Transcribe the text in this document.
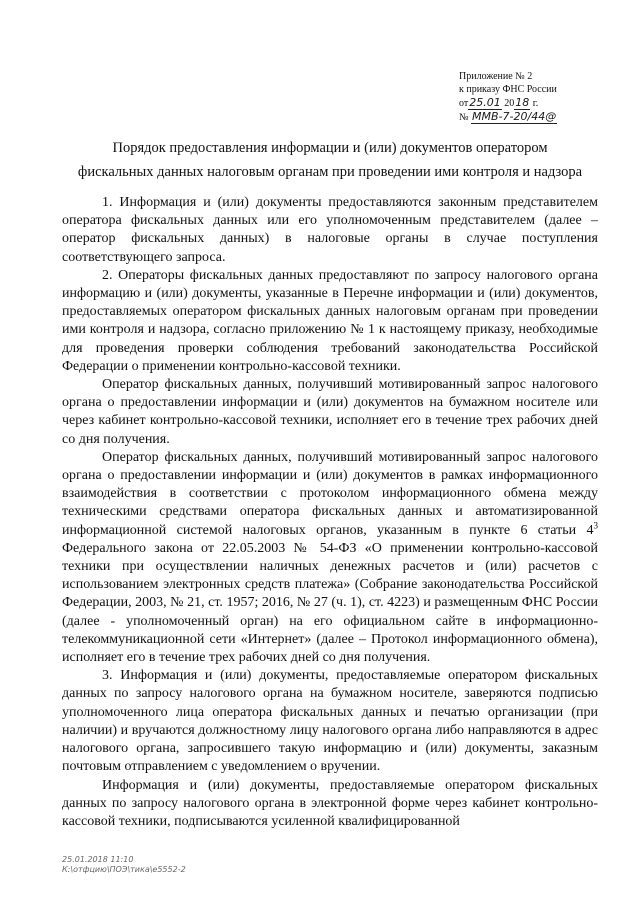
Приложение № 2
к приказу ФНС России
от25.01 2018 г.
№ ММВ-7-20/44@
Порядок предоставления информации и (или) документов оператором
фискальных данных налоговым органам при проведении ими контроля и надзора

1. Информация и (или) документы предоставляются законным представителем оператора фискальных данных или его уполномоченным представителем (далее – оператор фискальных данных) в налоговые органы в случае поступления соответствующего запроса.

2. Операторы фискальных данных предоставляют по запросу налогового органа информацию и (или) документы, указанные в Перечне информации и (или) документов, предоставляемых оператором фискальных данных налоговым органам при проведении ими контроля и надзора, согласно приложению № 1 к настоящему приказу, необходимые для проведения проверки соблюдения требований законодательства Российской Федерации о применении контрольно-кассовой техники.

Оператор фискальных данных, получивший мотивированный запрос налогового органа о предоставлении информации и (или) документов на бумажном носителе или через кабинет контрольно-кассовой техники, исполняет его в течение трех рабочих дней со дня получения.

Оператор фискальных данных, получивший мотивированный запрос налогового органа о предоставлении информации и (или) документов в рамках информационного взаимодействия в соответствии с протоколом информационного обмена между техническими средствами оператора фискальных данных и автоматизированной информационной системой налоговых органов, указанным в пункте 6 статьи $4^3$ Федерального закона от 22.05.2003 № 54-ФЗ «О применении контрольно-кассовой техники при осуществлении наличных денежных расчетов и (или) расчетов с использованием электронных средств платежа» (Собрание законодательства Российской Федерации, 2003, № 21, ст. 1957; 2016, № 27 (ч. 1), ст. 4223) и размещенным ФНС России (далее - уполномоченный орган) на его официальном сайте в информационно-телекоммуникационной сети «Интернет» (далее – Протокол информационного обмена), исполняет его в течение трех рабочих дней со дня получения.

3. Информация и (или) документы, предоставляемые оператором фискальных данных по запросу налогового органа на бумажном носителе, заверяются подписью уполномоченного лица оператора фискальных данных и печатью организации (при наличии) и вручаются должностному лицу налогового органа либо направляются в адрес налогового органа, запросившего такую информацию и (или) документы, заказным почтовым отправлением с уведомлением о вручении.

Информация и (или) документы, предоставляемые оператором фискальных данных по запросу налогового органа в электронной форме через кабинет контрольно-кассовой техники, подписываются усиленной квалифицированной

25.01.2018 11:10
К:\отфцию\ПОЭ\тика\е5552-2
